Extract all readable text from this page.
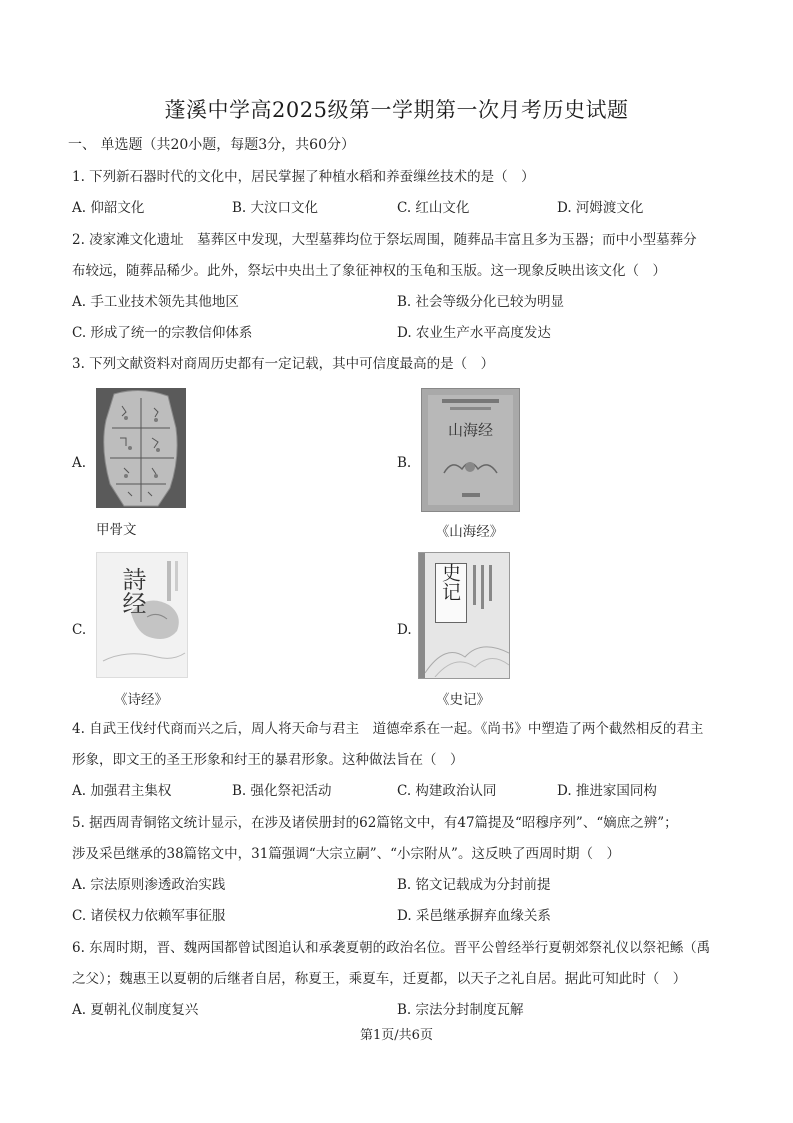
蓬溪中学高2025级第一学期第一次月考历史试题
一、 单选题（共20小题，每题3分，共60分）
1. 下列新石器时代的文化中，居民掌握了种植水稻和养蚕缫丝技术的是（　）
A. 仰韶文化	B. 大汶口文化	C. 红山文化	D. 河姆渡文化
2. 凌家滩文化遗址　墓葬区中发现，大型墓葬均位于祭坛周围，随葬品丰富且多为玉器；而中小型墓葬分
布较远，随葬品稀少。此外，祭坛中央出土了象征神权的玉龟和玉版。这一现象反映出该文化（　）
A. 手工业技术领先其他地区	B. 社会等级分化已较为明显
C. 形成了统一的宗教信仰体系	D. 农业生产水平高度发达
3. 下列文献资料对商周历史都有一定记载，其中可信度最高的是（　）
A.
甲骨文
B.
山海经
《山海经》
C.
詩经
《诗经》
D.
史记
《史记》
4. 自武王伐纣代商而兴之后，周人将天命与君主　道德牵系在一起。《尚书》中塑造了两个截然相反的君主
形象，即文王的圣王形象和纣王的暴君形象。这种做法旨在（　）
A. 加强君主集权	B. 强化祭祀活动	C. 构建政治认同	D. 推进家国同构
5. 据西周青铜铭文统计显示，在涉及诸侯册封的62篇铭文中，有47篇提及“昭穆序列”、“嫡庶之辨”；
涉及采邑继承的38篇铭文中，31篇强调“大宗立嗣”、“小宗附从”。这反映了西周时期（　）
A. 宗法原则渗透政治实践	B. 铭文记载成为分封前提
C. 诸侯权力依赖军事征服	D. 采邑继承摒弃血缘关系
6. 东周时期，晋、魏两国都曾试图追认和承袭夏朝的政治名位。晋平公曾经举行夏朝郊祭礼仪以祭祀鲧（禹
之父）；魏惠王以夏朝的后继者自居，称夏王，乘夏车，迁夏都，以天子之礼自居。据此可知此时（　）
A. 夏朝礼仪制度复兴	B. 宗法分封制度瓦解
第1页/共6页
